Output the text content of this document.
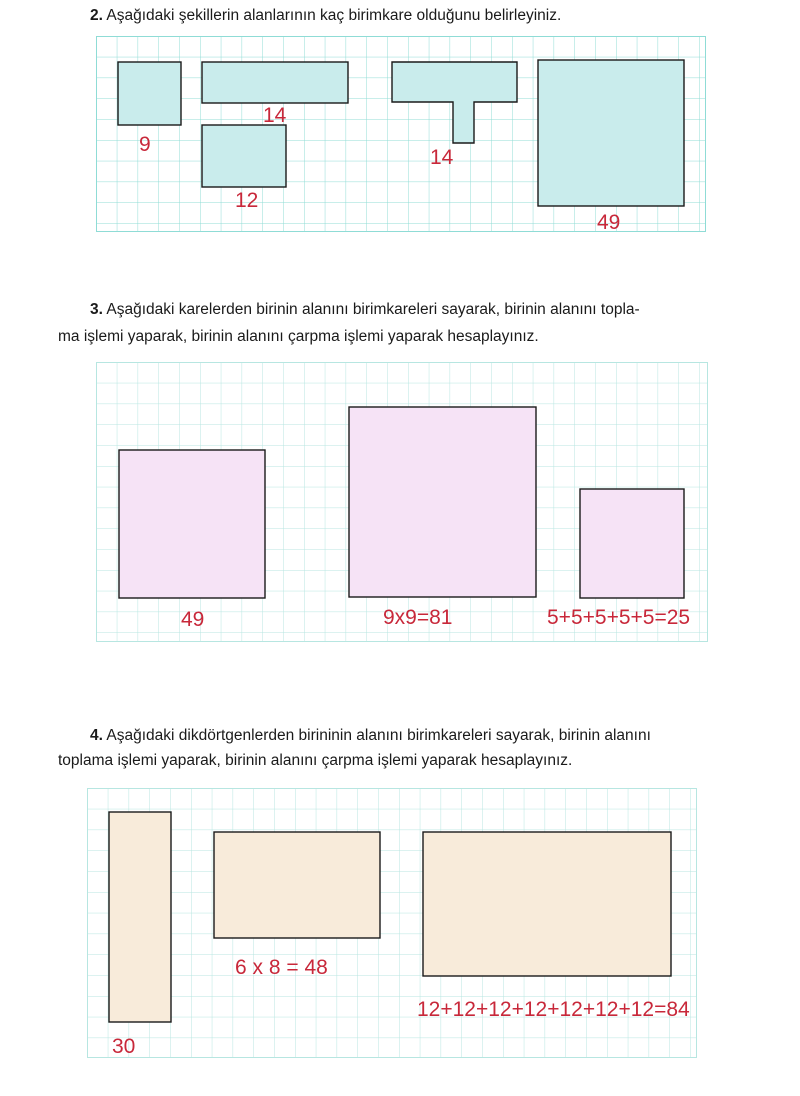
2. Aşağıdaki şekillerin alanlarının kaç birimkare olduğunu belirleyiniz.

9
14
12
14
49

3. Aşağıdaki karelerden birinin alanını birimkareleri sayarak, birinin alanını topla-

ma işlemi yaparak, birinin alanını çarpma işlemi yaparak hesaplayınız.

49	9x9=81	5+5+5+5+5=25

4. Aşağıdaki dikdörtgenlerden birininin alanını birimkareleri sayarak, birinin alanını

toplama işlemi yaparak, birinin alanını çarpma işlemi yaparak hesaplayınız.

6 x 8 = 48
12+12+12+12+12+12+12=84
30
